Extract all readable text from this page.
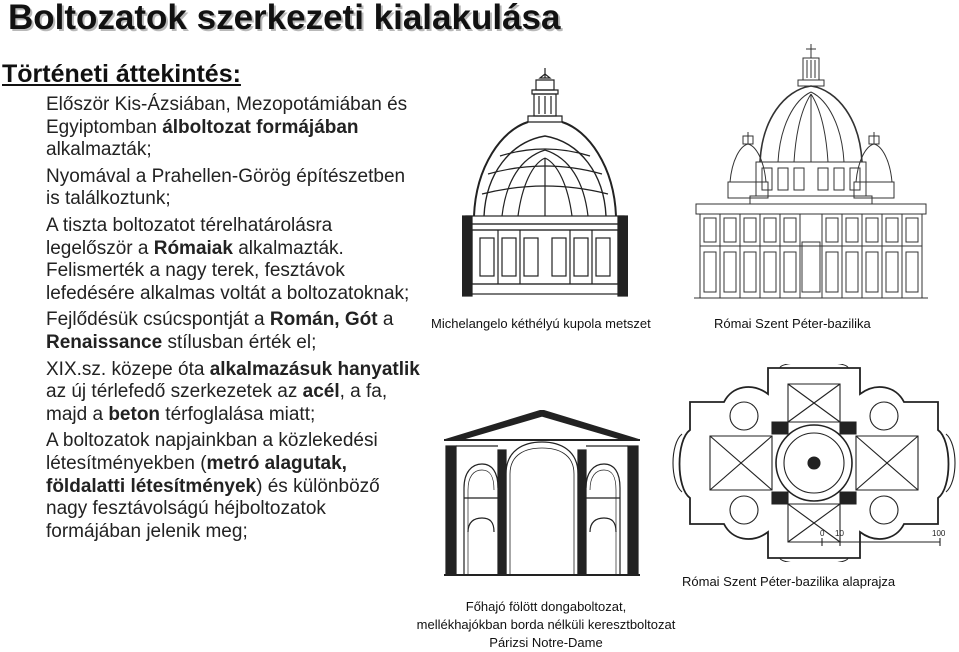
Boltozatok szerkezeti kialakulása
Történeti áttekintés:

Először Kis-Ázsiában, Mezopotámiában és Egyiptomban álboltozat formájában alkalmazták;

Nyomával a Prahellen-Görög építészetben is találkoztunk;

A tiszta boltozatot térelhatárolásra legelőször a Rómaiak alkalmazták. Felismerték a nagy terek, fesztávok lefedésére alkalmas voltát a boltozatoknak;

Fejlődésük csúcspontját a Román, Gót a Renaissance stílusban érték el;

XIX.sz. közepe óta alkalmazásuk hanyatlik az új térlefedő szerkezetek az acél, a fa, majd a beton térfoglalása miatt;

A boltozatok napjainkban a közlekedési létesítményekben (metró alagutak, földalatti létesítmények) és különböző nagy fesztávolságú héjboltozatok formájában jelenik meg;

Michelangelo kéthélyú kupola metszet	Római Szent Péter-bazilika
Főhajó fölött dongaboltozat,
mellékhajókban borda nélküli keresztboltozat
Párizsi Notre-Dame
0 10	100
Római Szent Péter-bazilika alaprajza
